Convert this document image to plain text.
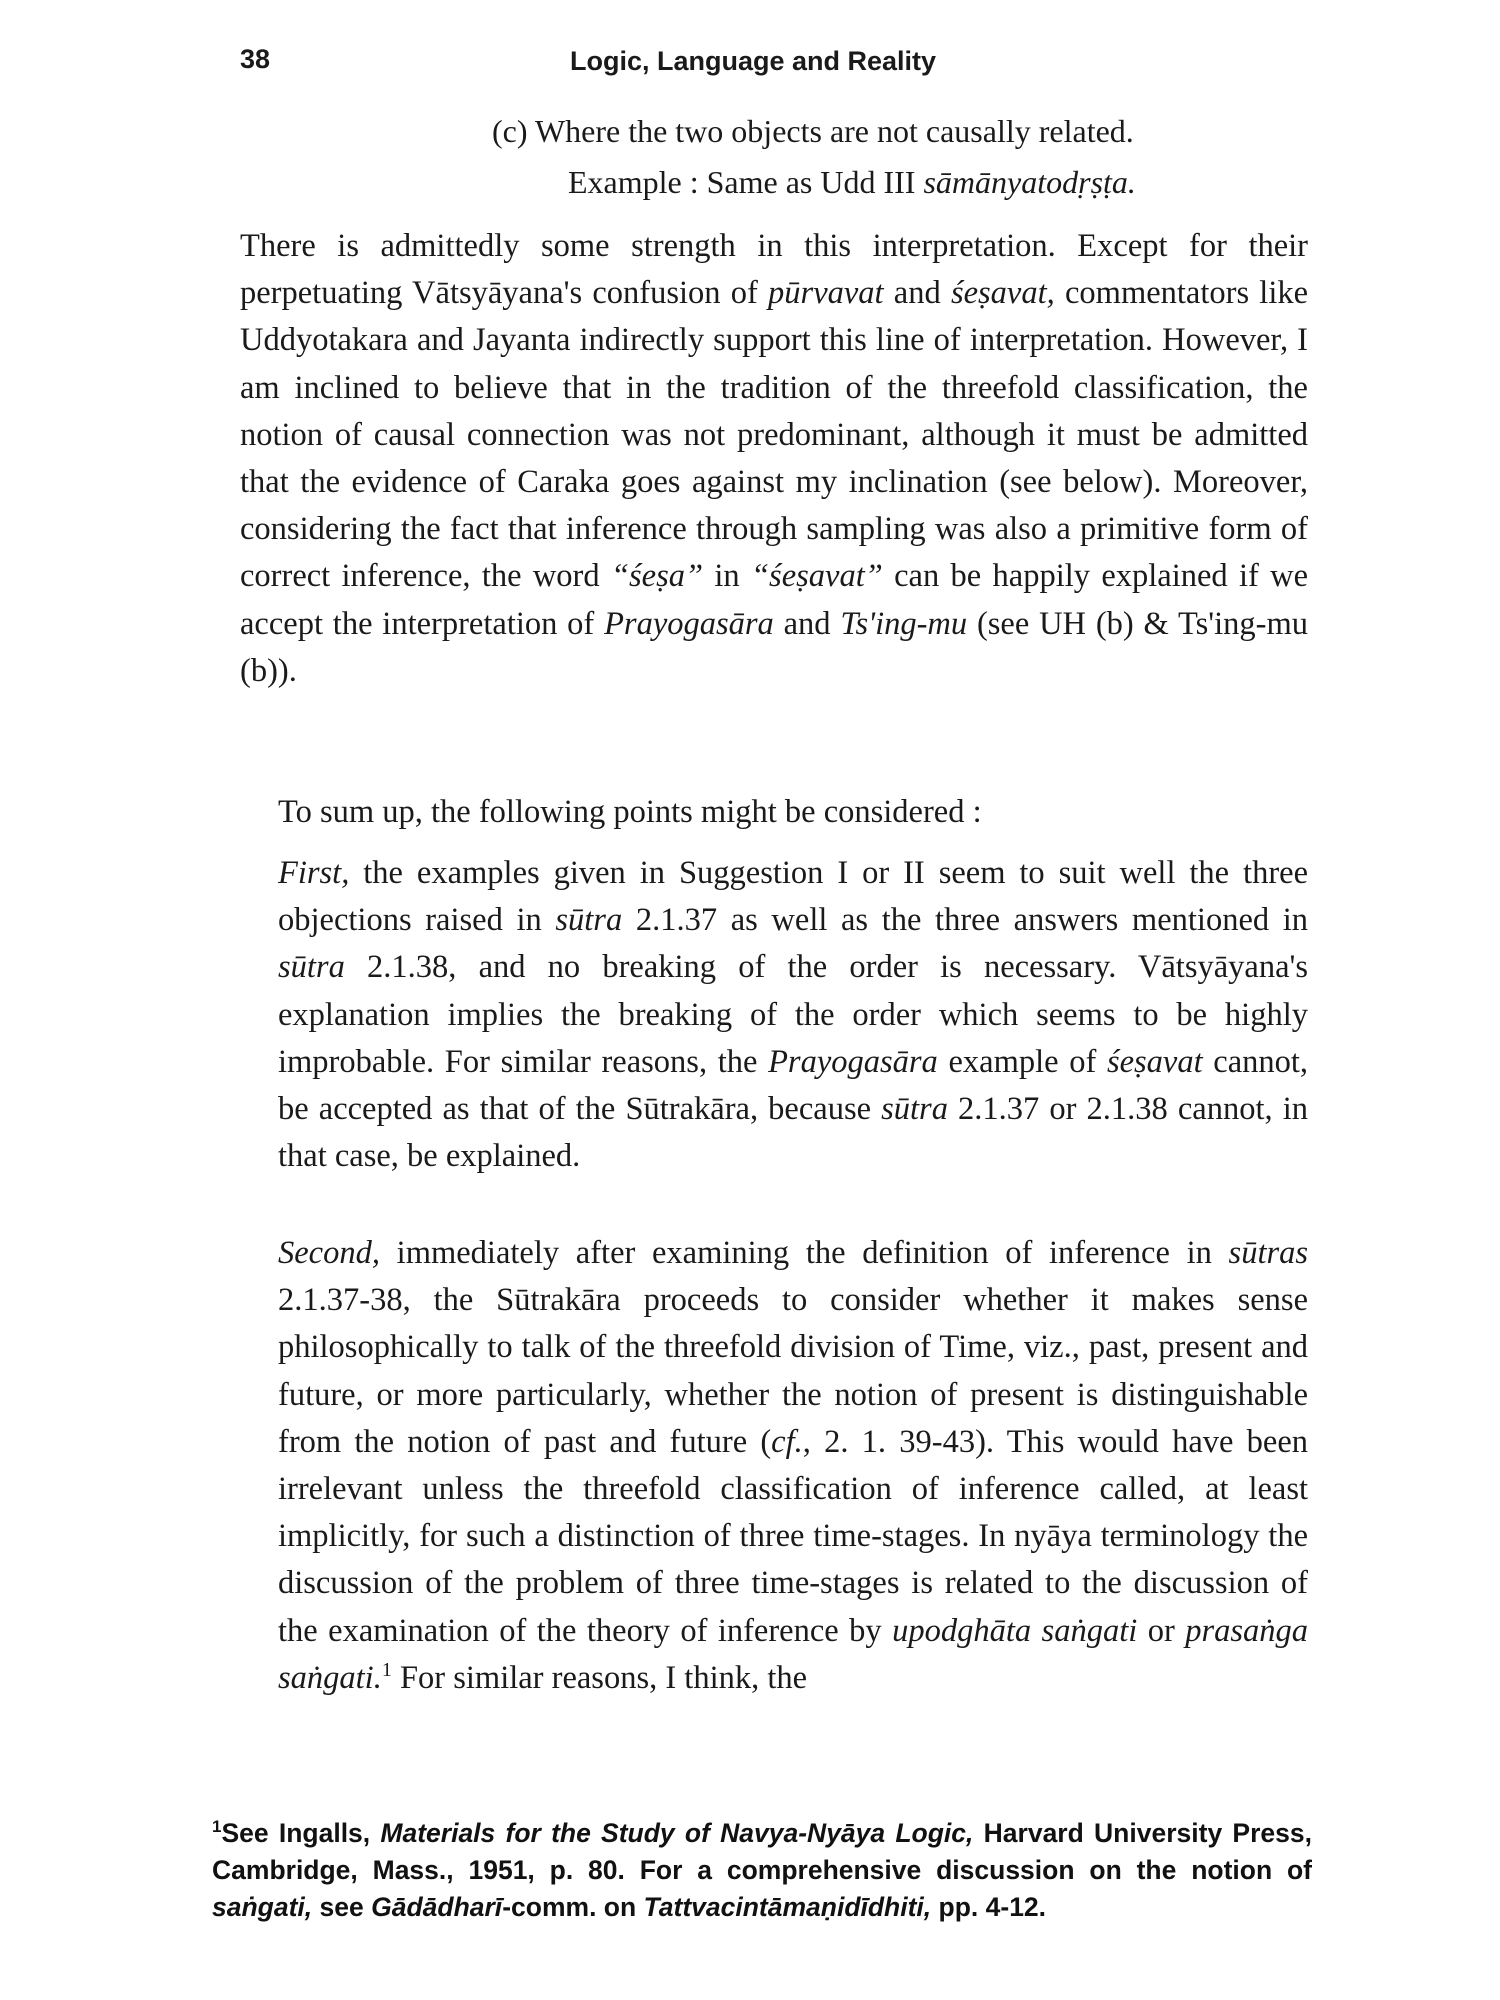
38	Logic, Language and Reality
(c) Where the two objects are not causally related.
Example : Same as Udd III sāmānyatodṛṣṭa.
There is admittedly some strength in this interpretation. Except for their perpetuating Vātsyāyana's confusion of pūrvavat and śeṣavat, commentators like Uddyotakara and Jayanta indirectly support this line of interpretation. However, I am inclined to believe that in the tradition of the threefold classification, the notion of causal connection was not predominant, although it must be admitted that the evidence of Caraka goes against my inclination (see below). Moreover, considering the fact that inference through sampling was also a primitive form of correct inference, the word “śeṣa” in “śeṣavat” can be happily explained if we accept the interpretation of Prayogasāra and Ts'ing-mu (see UH (b) & Ts'ing-mu (b)).
To sum up, the following points might be considered :
First, the examples given in Suggestion I or II seem to suit well the three objections raised in sūtra 2.1.37 as well as the three answers mentioned in sūtra 2.1.38, and no breaking of the order is necessary. Vātsyāyana's explanation implies the breaking of the order which seems to be highly improbable. For similar reasons, the Prayogasāra example of śeṣavat cannot, be accepted as that of the Sūtrakāra, because sūtra 2.1.37 or 2.1.38 cannot, in that case, be explained.
Second, immediately after examining the definition of inference in sūtras 2.1.37-38, the Sūtrakāra proceeds to consider whether it makes sense philosophically to talk of the threefold division of Time, viz., past, present and future, or more particularly, whether the notion of present is distinguishable from the notion of past and future (cf., 2. 1. 39-43). This would have been irrelevant unless the threefold classification of inference called, at least implicitly, for such a distinction of three time-stages. In nyāya terminology the discussion of the problem of three time-stages is related to the discussion of the examination of the theory of inference by upodghāta saṅgati or prasaṅga saṅgati.$^1$ For similar reasons, I think, the
$^1$See Ingalls, Materials for the Study of Navya-Nyāya Logic, Harvard University Press, Cambridge, Mass., 1951, p. 80. For a comprehensive discussion on the notion of saṅgati, see Gādādharī-comm. on Tattvacintāmaṇidīdhiti, pp. 4-12.
